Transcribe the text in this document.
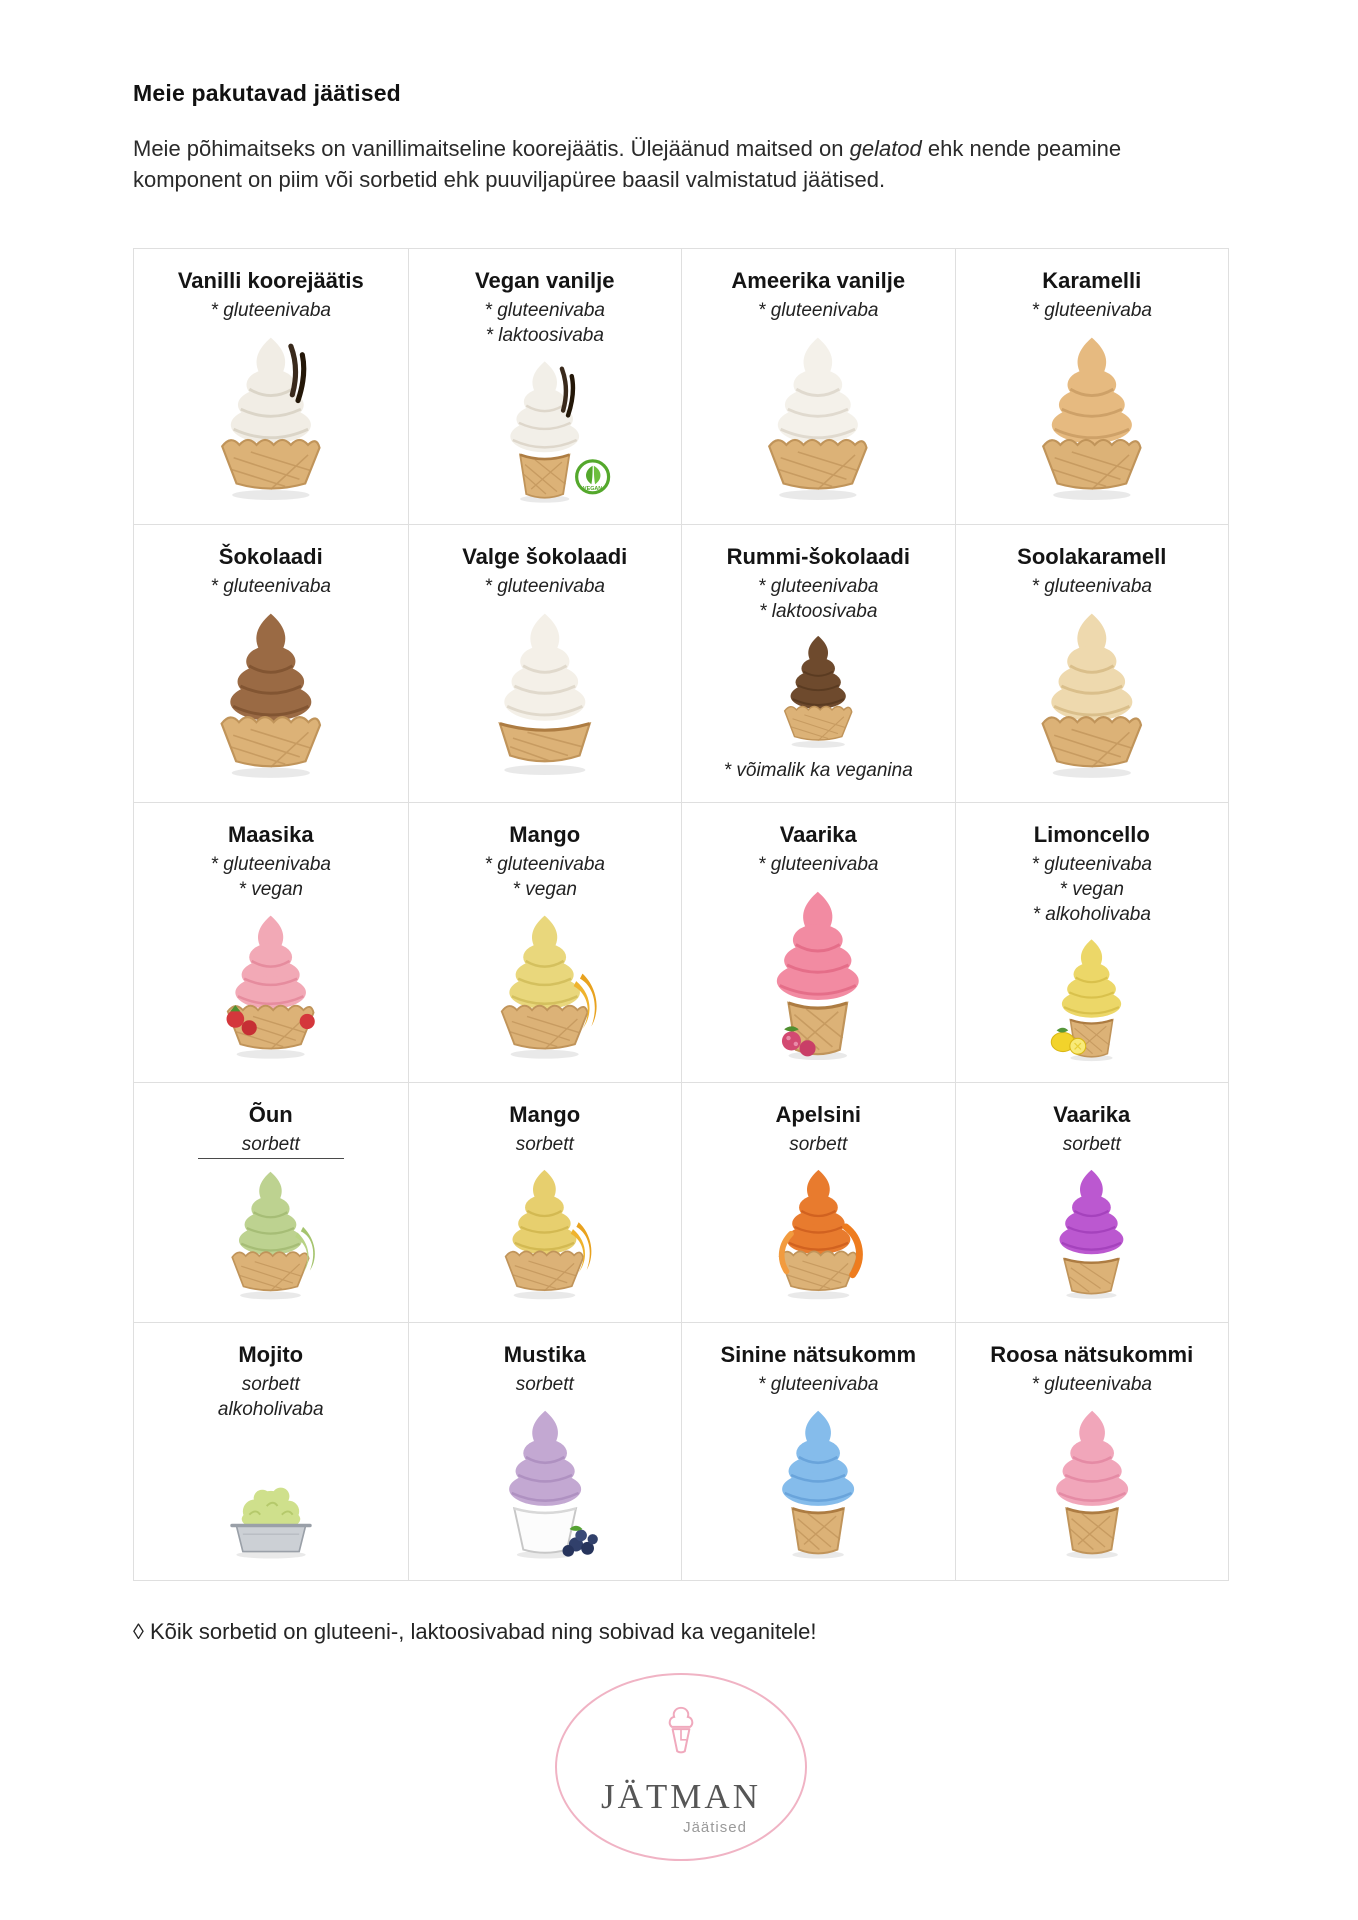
Meie pakutavad jäätised

Meie põhimaitseks on vanillimaitseline koorejäätis. Ülejäänud maitsed on gelatod ehk nende peamine komponent on piim või sorbetid ehk puuviljapüree baasil valmistatud jäätised.

Vanilli koorejäätis
* gluteenivaba
Vegan vanilje
* gluteenivaba
* laktoosivaba
VEGAN
Ameerika vanilje
* gluteenivaba
Karamelli
* gluteenivaba
Šokolaadi
* gluteenivaba
Valge šokolaadi
* gluteenivaba
Rummi-šokolaadi
* gluteenivaba
* laktoosivaba
* võimalik ka veganina
Soolakaramell
* gluteenivaba
Maasika
* gluteenivaba
* vegan
Mango
* gluteenivaba
* vegan
Vaarika
* gluteenivaba
Limoncello
* gluteenivaba
* vegan
* alkoholivaba
Õun
sorbett
Mango
sorbett
Apelsini
sorbett
Vaarika
sorbett
Mojito
sorbett
alkoholivaba
Mustika
sorbett
Sinine nätsukomm
* gluteenivaba
Roosa nätsukommi
* gluteenivaba
◊ Kõik sorbetid on gluteeni-, laktoosivabad ning sobivad ka veganitele!
JÄTMAN
Jäätised
